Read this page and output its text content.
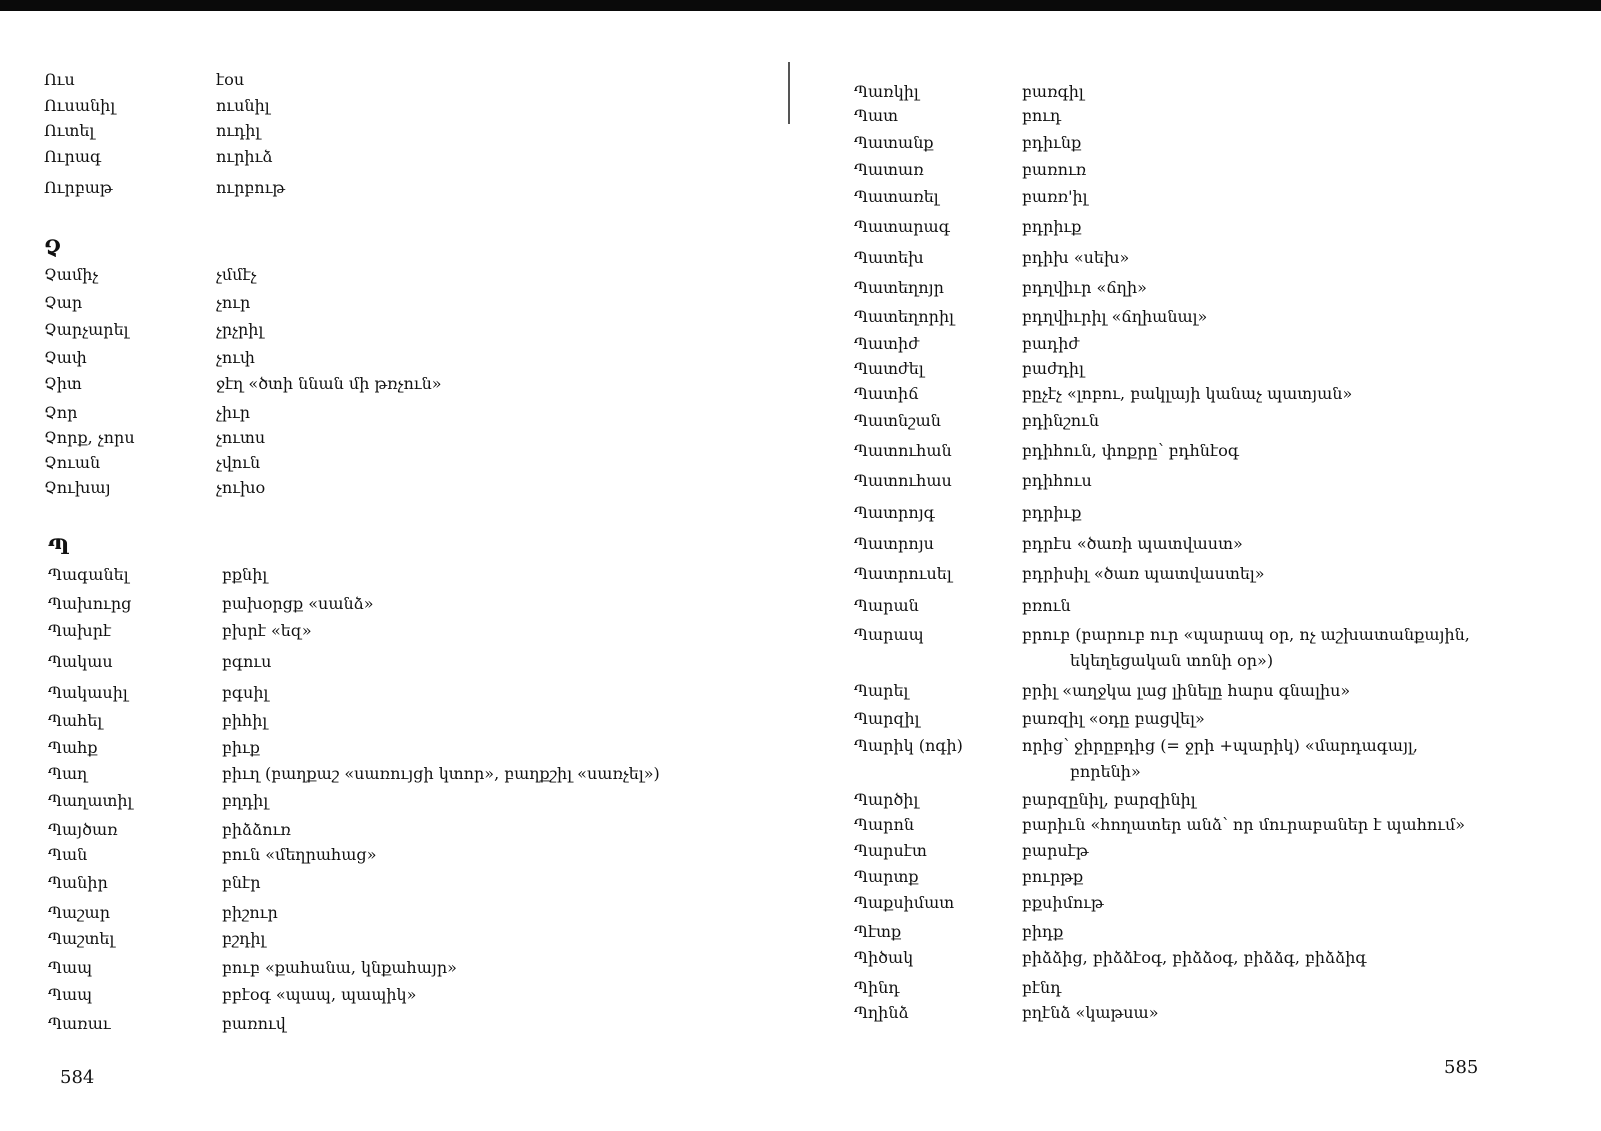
Ուս	էօս
Ուսանիլ	ուսնիլ
Ուտել	ուդիլ
Ուրագ	ուրիւձ
Ուրբաթ	ուրբութ
Չ
Չամիչ	չմմէչ
Չար	չուր
Չարչարել	չրչրիլ
Չափ	չուփ
Չիտ	ջէղ «ծտի ննան մի թռչուն»
Չոր	չիւր
Չորք, չորս	չուտս
Չուան	չվուն
Չուխայ	չուխօ
Պ
Պագանել	բքնիլ
Պախուրց	բախօրցք «սանձ»
Պախրէ	բխրէ «եզ»
Պակաս	բգուս
Պակասիլ	բգսիլ
Պահել	բիհիլ
Պահք	բիւք
Պաղ	բիւղ (բաղքաշ «սառույցի կտոր», բաղքշիլ «սառչել»)
Պաղատիլ	բղդիլ
Պայծառ	բիձձուռ
Պան	բուն «մեղրահաց»
Պանիր	բնէր
Պաշար	բիշուր
Պաշտել	բշդիլ
Պապ	բուբ «քահանա, կնքահայր»
Պապ	բբէօգ «պապ, պապիկ»
Պառաւ	բառուվ
584
Պառկիլ	բառգիլ
Պատ	բուդ
Պատանք	բդիւնք
Պատառ	բառուռ
Պատառել	բառռ'իլ
Պատարագ	բդրիւք
Պատեխ	բդիխ «սեխ»
Պատեղոյր	բդղվիւր «ճղի»
Պատեղորիլ	բդղվիւրիլ «ճղիանալ»
Պատիժ	բադիժ
Պատժել	բաժդիլ
Պատիճ	բըչէչ «լոբու, բակլայի կանաչ պատյան»
Պատնշան	բդինշուն
Պատուհան	բդիհուն, փոքրը՝ բդհնէօգ
Պատուհաս	բդիհուս
Պատրոյգ	բդրիւք
Պատրոյս	բդրէս «ծառի պատվաստ»
Պատրուսել	բդրիսիլ «ծառ պատվաստել»
Պարան	բռուն
Պարապ	բրուբ (բարուբ ուր «պարապ օր, ոչ աշխատանքային, եկեղեցական տոնի օր»)
Պարել	բրիլ «աղջկա լաց լինելը հարս գնալիս»
Պարզիլ	բառզիլ «օդը բացվել»
Պարիկ (ոգի)	որից՝ ջիրըբդից (= ջրի +պարիկ) «մարդագայլ, բորենի»
Պարծիլ	բարզընիլ, բարզինիլ
Պարոն	բարիւն «հողատեր անձ՝ որ մուրաբաներ է պահում»
Պարսէտ	բարսէթ
Պարտք	բուրթք
Պաքսիմատ	բքսիմութ
Պէտք	բիդք
Պիծակ	բիձձից, բիձձէօգ, բիձձօգ, բիձձգ, բիձձիգ
Պինդ	բէնդ
Պղինձ	բղէնձ «կաթսա»
585
